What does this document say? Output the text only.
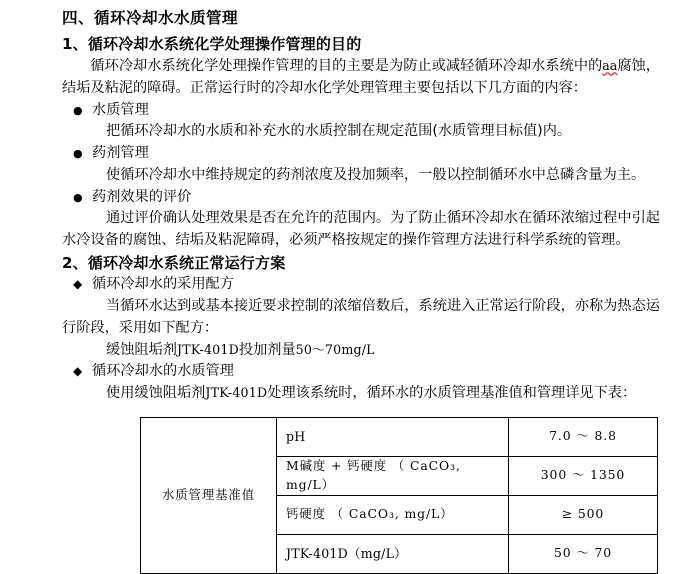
四、循环冷却水水质管理
1、循环冷却水系统化学处理操作管理的目的

循环冷却水系统化学处理操作管理的目的主要是为防止或减轻循环冷却水系统中的aa腐蚀，结垢及粘泥的障碍。正常运行时的冷却水化学处理管理主要包括以下几方面的内容：

● 水质管理

把循环冷却水的水质和补充水的水质控制在规定范围(水质管理目标值)内。

● 药剂管理

使循环冷却水中维持规定的药剂浓度及投加频率，一般以控制循环水中总磷含量为主。

● 药剂效果的评价

通过评价确认处理效果是否在允许的范围内。为了防止循环冷却水在循环浓缩过程中引起水冷设备的腐蚀、结垢及粘泥障碍，必须严格按规定的操作管理方法进行科学系统的管理。

2、循环冷却水系统正常运行方案
◆ 循环冷却水的采用配方

当循环水达到或基本接近要求控制的浓缩倍数后，系统进入正常运行阶段，亦称为热态运行阶段，采用如下配方：

缓蚀阻垢剂JTK-401D投加剂量50～70mg/L

◆ 循环冷却水的水质管理

使用缓蚀阻垢剂JTK-401D处理该系统时，循环水的水质管理基准值和管理详见下表：

水质管理基准值	pH	7.0 ～ 8.8
	M碱度 + 钙硬度 （ CaCO₃, mg/L）	300 ～ 1350
	钙硬度 （ CaCO₃, mg/L）	≥ 500
	JTK-401D（mg/L）	50 ～ 70
